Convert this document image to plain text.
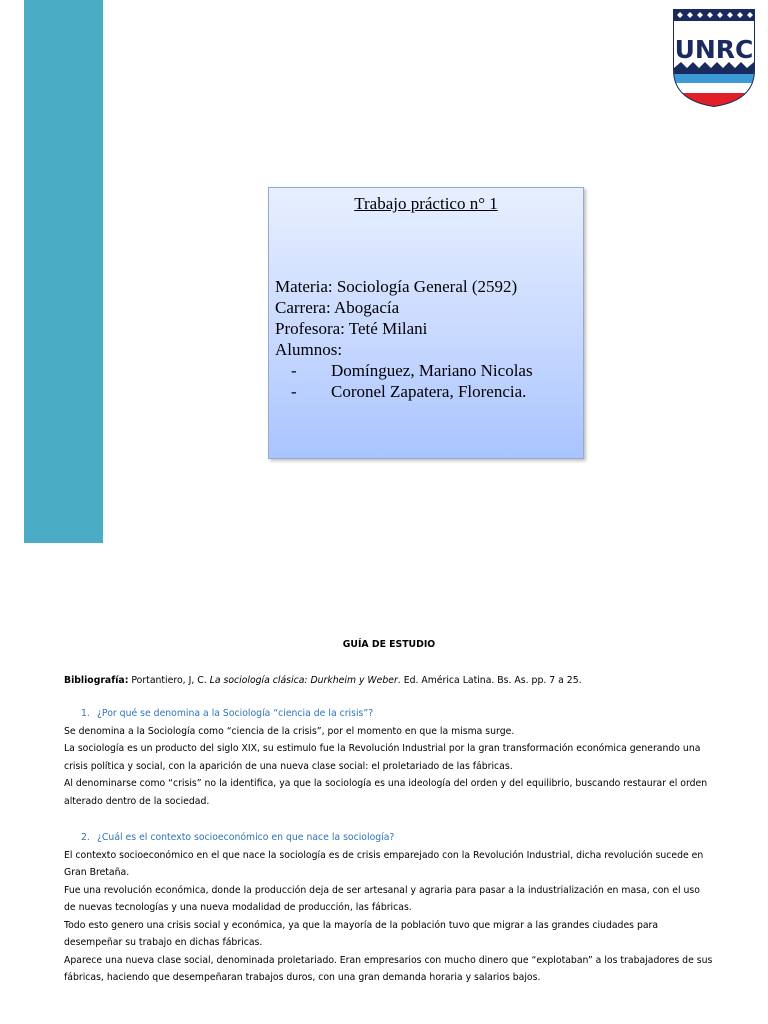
UNRC
Trabajo práctico n° 1
Materia: Sociología General (2592)
Carrera: Abogacía
Profesora: Teté Milani
Alumnos:
- Domínguez, Mariano Nicolas
- Coronel Zapatera, Florencia.
GUÍA DE ESTUDIO
Bibliografía: Portantiero, J, C. La sociología clásica: Durkheim y Weber. Ed. América Latina. Bs. As. pp. 7 a 25.
1. ¿Por qué se denomina a la Sociología “ciencia de la crisis”?

Se denomina a la Sociología como “ciencia de la crisis”, por el momento en que la misma surge.

La sociología es un producto del siglo XIX, su estimulo fue la Revolución Industrial por la gran transformación económica generando una crisis política y social, con la aparición de una nueva clase social: el proletariado de las fábricas.

Al denominarse como “crisis” no la identifica, ya que la sociología es una ideología del orden y del equilibrio, buscando restaurar el orden alterado dentro de la sociedad.

2. ¿Cuál es el contexto socioeconómico en que nace la sociología?

El contexto socioeconómico en el que nace la sociología es de crisis emparejado con la Revolución Industrial, dicha revolución sucede en Gran Bretaña.

Fue una revolución económica, donde la producción deja de ser artesanal y agraria para pasar a la industrialización en masa, con el uso de nuevas tecnologías y una nueva modalidad de producción, las fábricas.

Todo esto genero una crisis social y económica, ya que la mayoría de la población tuvo que migrar a las grandes ciudades para desempeñar su trabajo en dichas fábricas.

Aparece una nueva clase social, denominada proletariado. Eran empresarios con mucho dinero que “explotaban” a los trabajadores de sus fábricas, haciendo que desempeñaran trabajos duros, con una gran demanda horaria y salarios bajos.
